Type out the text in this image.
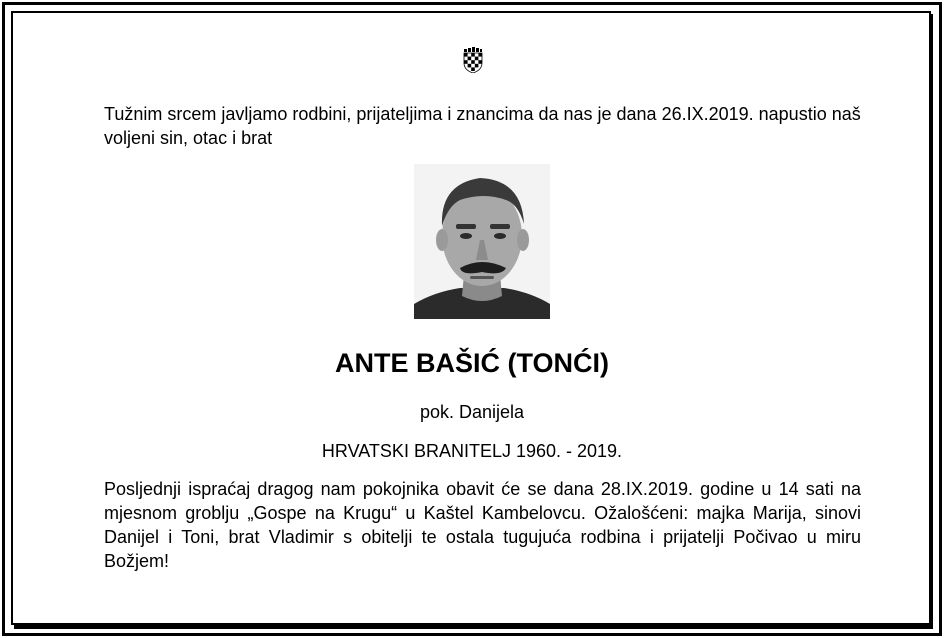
Tužnim srcem javljamo rodbini, prijateljima i znancima da nas je dana 26.IX.2019. napustio naš voljeni sin, otac i brat
ANTE BAŠIĆ (TONĆI)
pok. Danijela
HRVATSKI BRANITELJ 1960. - 2019.
Posljednji ispraćaj dragog nam pokojnika obavit će se dana 28.IX.2019. godine u 14 sati na mjesnom groblju „Gospe na Krugu“ u Kaštel Kambelovcu. Ožalošćeni: majka Marija, sinovi Danijel i Toni, brat Vladimir s obitelji te ostala tugujuća rodbina i prijatelji Počivao u miru Božjem!
